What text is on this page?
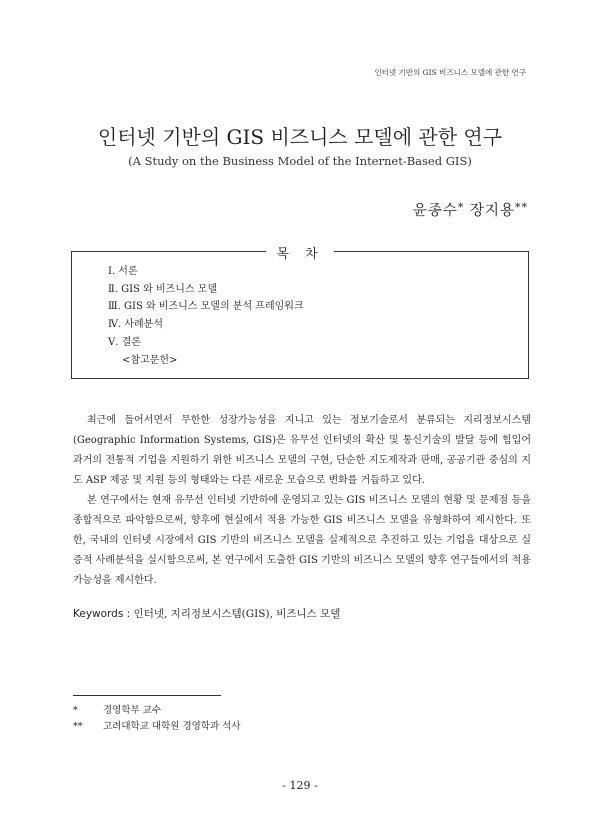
인터넷 기반의 GIS 비즈니스 모델에 관한 연구
인터넷 기반의 GIS 비즈니스 모델에 관한 연구
(A Study on the Business Model of the Internet-Based GIS)
윤종수* 장지용**
목 차
Ⅰ. 서론
Ⅱ. GIS 와 비즈니스 모델
Ⅲ. GIS 와 비즈니스 모델의 분석 프레임워크
Ⅳ. 사례분석
Ⅴ. 결론
<참고문헌>

최근에 들어서면서 무한한 성장가능성을 지니고 있는 정보기술로서 분류되는 지리정보시스템(Geographic Information Systems, GIS)은 유무선 인터넷의 확산 및 통신기술의 발달 등에 힘입어 과거의 전통적 기업을 지원하기 위한 비즈니스 모델의 구현, 단순한 지도제작과 판매, 공공기관 중심의 지도 ASP 제공 및 지원 등의 형태와는 다른 새로운 모습으로 변화를 거듭하고 있다.

본 연구에서는 현재 유무선 인터넷 기반하에 운영되고 있는 GIS 비즈니스 모델의 현황 및 문제점 등을 종합적으로 파악함으로써, 향후에 현실에서 적용 가능한 GIS 비즈니스 모델을 유형화하여 제시한다. 또한, 국내의 인터넷 시장에서 GIS 기반의 비즈니스 모델을 실제적으로 추진하고 있는 기업을 대상으로 실증적 사례분석을 실시함으로써, 본 연구에서 도출한 GIS 기반의 비즈니스 모델의 향후 연구들에서의 적용가능성을 제시한다.

Keywords : 인터넷, 지리정보시스템(GIS), 비즈니스 모델
*	경영학부 교수
** 고려대학교 대학원 경영학과 석사
- 129 -
